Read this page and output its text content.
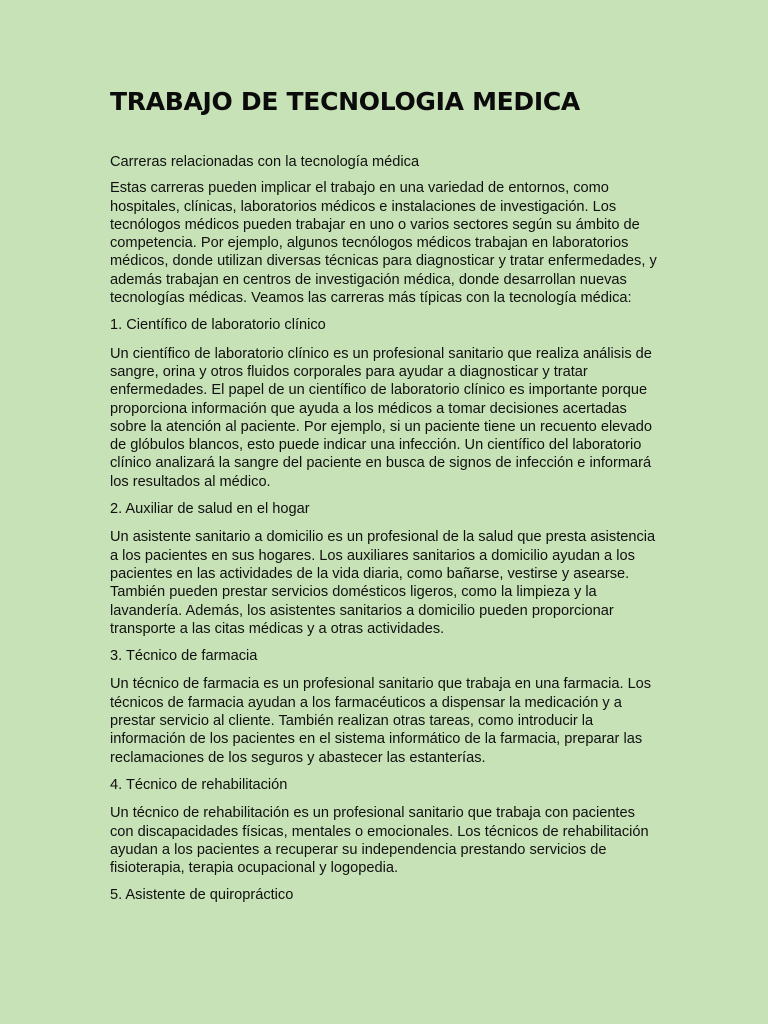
TRABAJO DE TECNOLOGIA MEDICA

Carreras relacionadas con la tecnología médica

Estas carreras pueden implicar el trabajo en una variedad de entornos, como hospitales, clínicas, laboratorios médicos e instalaciones de investigación. Los tecnólogos médicos pueden trabajar en uno o varios sectores según su ámbito de competencia. Por ejemplo, algunos tecnólogos médicos trabajan en laboratorios médicos, donde utilizan diversas técnicas para diagnosticar y tratar enfermedades, y además trabajan en centros de investigación médica, donde desarrollan nuevas tecnologías médicas. Veamos las carreras más típicas con la tecnología médica:

1. Científico de laboratorio clínico

Un científico de laboratorio clínico es un profesional sanitario que realiza análisis de sangre, orina y otros fluidos corporales para ayudar a diagnosticar y tratar enfermedades. El papel de un científico de laboratorio clínico es importante porque proporciona información que ayuda a los médicos a tomar decisiones acertadas sobre la atención al paciente. Por ejemplo, si un paciente tiene un recuento elevado de glóbulos blancos, esto puede indicar una infección. Un científico del laboratorio clínico analizará la sangre del paciente en busca de signos de infección e informará los resultados al médico.

2. Auxiliar de salud en el hogar

Un asistente sanitario a domicilio es un profesional de la salud que presta asistencia a los pacientes en sus hogares. Los auxiliares sanitarios a domicilio ayudan a los pacientes en las actividades de la vida diaria, como bañarse, vestirse y asearse. También pueden prestar servicios domésticos ligeros, como la limpieza y la lavandería. Además, los asistentes sanitarios a domicilio pueden proporcionar transporte a las citas médicas y a otras actividades.

3. Técnico de farmacia

Un técnico de farmacia es un profesional sanitario que trabaja en una farmacia. Los técnicos de farmacia ayudan a los farmacéuticos a dispensar la medicación y a prestar servicio al cliente. También realizan otras tareas, como introducir la información de los pacientes en el sistema informático de la farmacia, preparar las reclamaciones de los seguros y abastecer las estanterías.

4. Técnico de rehabilitación

Un técnico de rehabilitación es un profesional sanitario que trabaja con pacientes con discapacidades físicas, mentales o emocionales. Los técnicos de rehabilitación ayudan a los pacientes a recuperar su independencia prestando servicios de fisioterapia, terapia ocupacional y logopedia.

5. Asistente de quiropráctico
